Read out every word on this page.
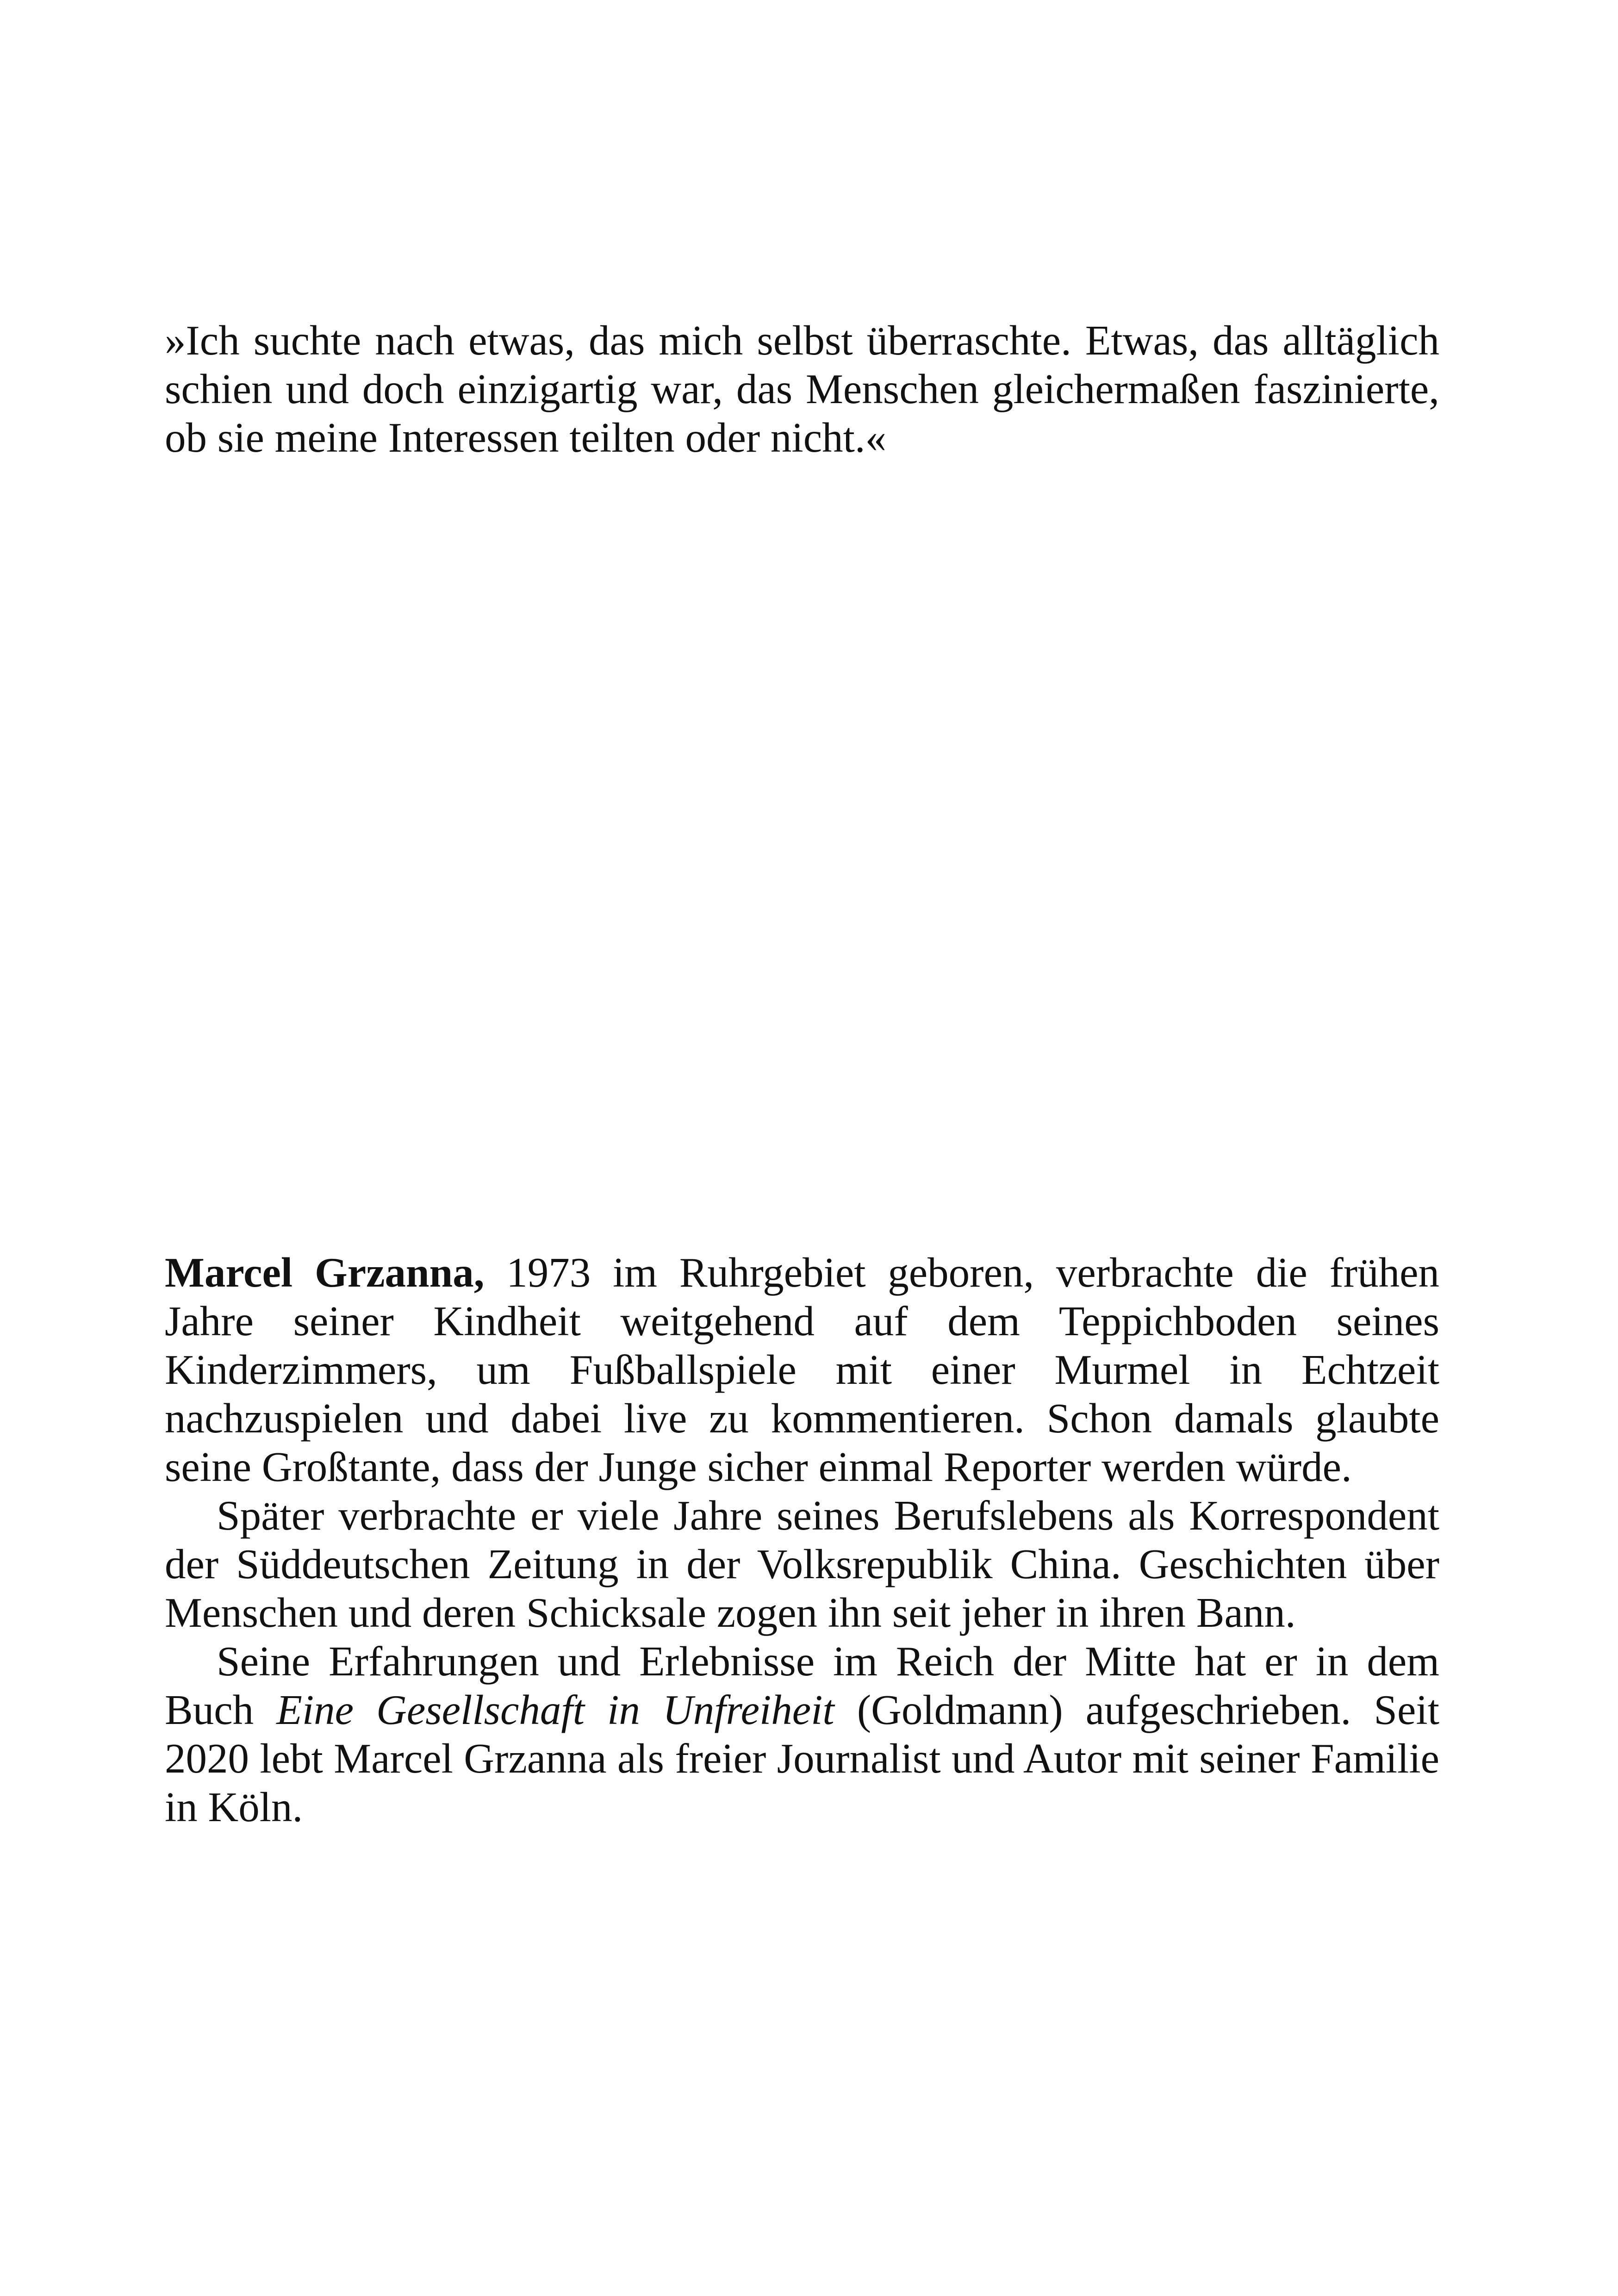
»Ich suchte nach etwas, das mich selbst überraschte. Etwas, das alltäglich schien und doch einzigartig war, das Menschen gleichermaßen faszinierte, ob sie meine Interessen teilten oder nicht.«

Marcel Grzanna, 1973 im Ruhrgebiet geboren, verbrachte die frühen Jahre seiner Kindheit weitgehend auf dem Teppichboden seines Kinderzimmers, um Fußballspiele mit einer Murmel in Echtzeit nachzuspielen und dabei live zu kommentieren. Schon damals glaubte seine Großtante, dass der Junge sicher einmal Reporter werden würde.

Später verbrachte er viele Jahre seines Berufslebens als Korrespondent der Süddeutschen Zeitung in der Volksrepublik China. Geschichten über Menschen und deren Schicksale zogen ihn seit jeher in ihren Bann.

Seine Erfahrungen und Erlebnisse im Reich der Mitte hat er in dem Buch Eine Gesellschaft in Unfreiheit (Goldmann) aufgeschrieben. Seit 2020 lebt Marcel Grzanna als freier Journalist und Autor mit seiner Familie in Köln.
